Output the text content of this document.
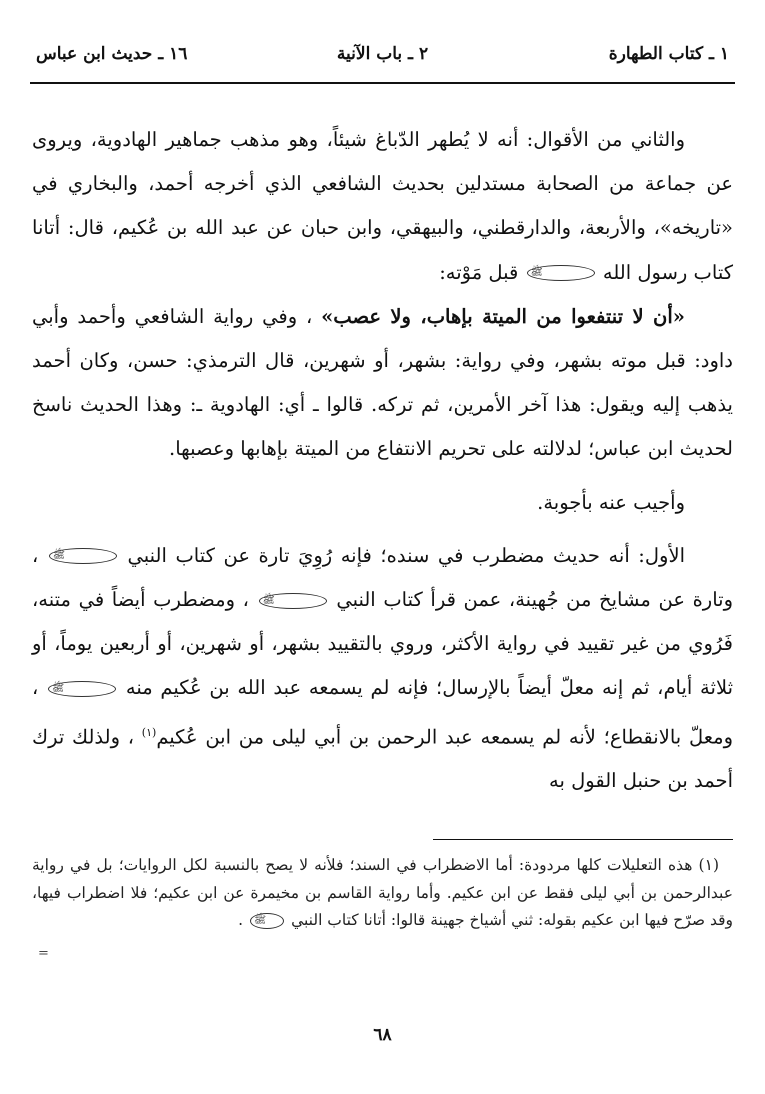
١ ـ كتاب الطهارة
٢ ـ باب الآنية
١٦ ـ حديث ابن عباس

والثاني من الأقوال: أنه لا يُطهر الدّباغ شيئاً، وهو مذهب جماهير الهادوية، ويروى عن جماعة من الصحابة مستدلين بحديث الشافعي الذي أخرجه أحمد، والبخاري في «تاريخه»، والأربعة، والدارقطني، والبيهقي، وابن حبان عن عبد الله بن عُكيم، قال: أتانا كتاب رسول الله ﷺ قبل مَوْته:

«أن لا تنتفعوا من الميتة بإهاب، ولا عصب» ، وفي رواية الشافعي وأحمد وأبي داود: قبل موته بشهر، وفي رواية: بشهر، أو شهرين، قال الترمذي: حسن، وكان أحمد يذهب إليه ويقول: هذا آخر الأمرين، ثم تركه. قالوا ـ أي: الهادوية ـ: وهذا الحديث ناسخ لحديث ابن عباس؛ لدلالته على تحريم الانتفاع من الميتة بإهابها وعصبها.

وأجيب عنه بأجوبة.

الأول: أنه حديث مضطرب في سنده؛ فإنه رُوِيَ تارة عن كتاب النبي ﷺ ، وتارة عن مشايخ من جُهينة، عمن قرأ كتاب النبي ﷺ ، ومضطرب أيضاً في متنه، فَرُوي من غير تقييد في رواية الأكثر، وروي بالتقييد بشهر، أو شهرين، أو أربعين يوماً، أو ثلاثة أيام، ثم إنه معلّ أيضاً بالإرسال؛ فإنه لم يسمعه عبد الله بن عُكيم منه ﷺ ، ومعلّ بالانقطاع؛ لأنه لم يسمعه عبد الرحمن بن أبي ليلى من ابن عُكيم$^{(١)}$ ، ولذلك ترك أحمد بن حنبل القول به

(١) هذه التعليلات كلها مردودة: أما الاضطراب في السند؛ فلأنه لا يصح بالنسبة لكل الروايات؛ بل في رواية عبدالرحمن بن أبي ليلى فقط عن ابن عكيم. وأما رواية القاسم بن مخيمرة عن ابن عكيم؛ فلا اضطراب فيها، وقد صرّح فيها ابن عكيم بقوله: ثني أشياخ جهينة قالوا: أتانا كتاب النبي ﷺ .

=
٦٨
